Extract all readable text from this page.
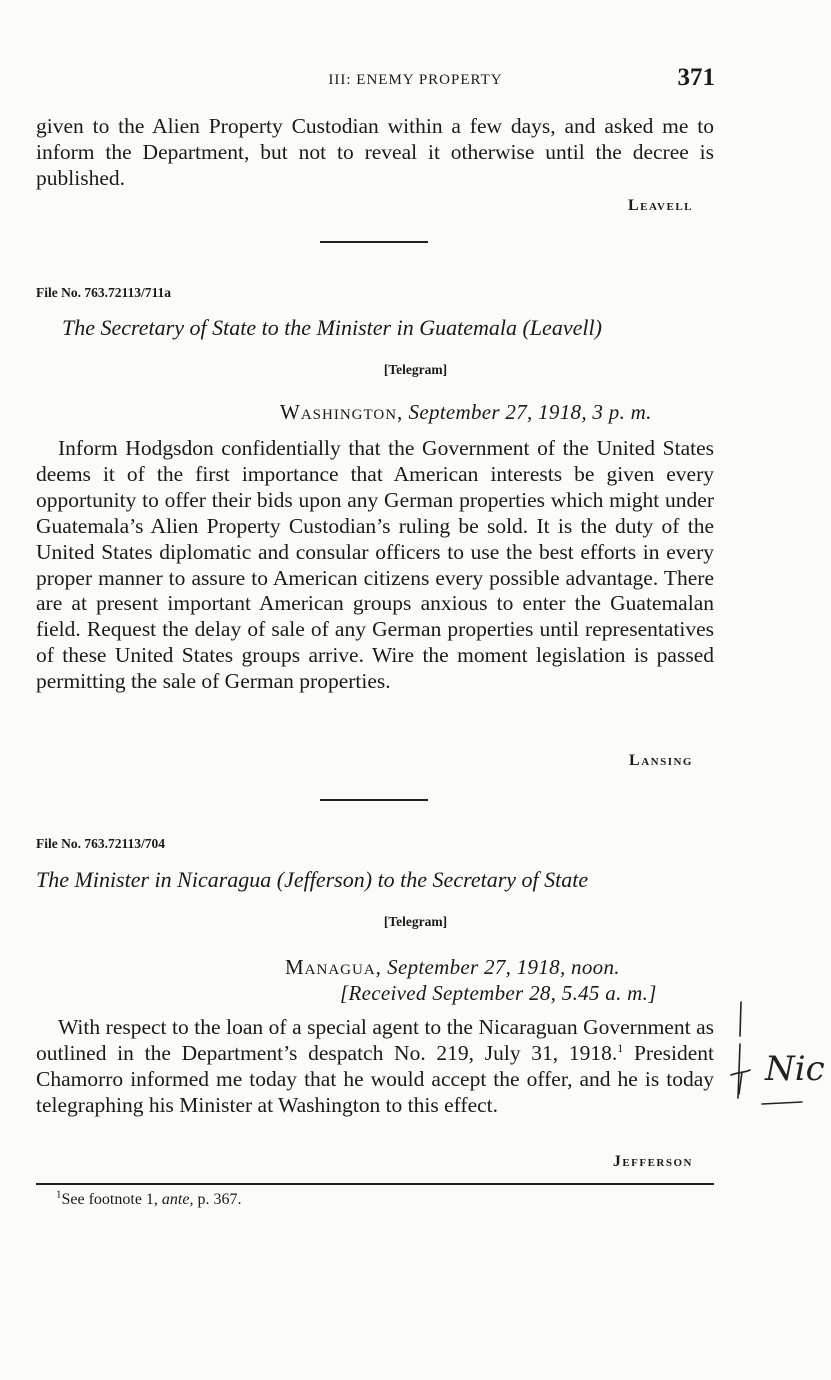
III: ENEMY PROPERTY	371
given to the Alien Property Custodian within a few days, and asked me to inform the Department, but not to reveal it otherwise until the decree is published.
Leavell
File No. 763.72113/711a
The Secretary of State to the Minister in Guatemala (Leavell)
[Telegram]
Washington, September 27, 1918, 3 p. m.
Inform Hodgsdon confidentially that the Government of the United States deems it of the first importance that American interests be given every opportunity to offer their bids upon any German properties which might under Guatemala’s Alien Property Custodian’s ruling be sold. It is the duty of the United States diplomatic and consular officers to use the best efforts in every proper manner to assure to American citizens every possible advantage. There are at present important American groups anxious to enter the Guatemalan field. Request the delay of sale of any German properties until representatives of these United States groups arrive. Wire the moment legislation is passed permitting the sale of German properties.
Lansing
File No. 763.72113/704
The Minister in Nicaragua (Jefferson) to the Secretary of State
[Telegram]
Managua, September 27, 1918, noon.
[Received September 28, 5.45 a. m.]
With respect to the loan of a special agent to the Nicaraguan Government as outlined in the Department’s despatch No. 219, July 31, 1918.$^1$ President Chamorro informed me today that he would accept the offer, and he is today telegraphing his Minister at Washington to this effect.
Jefferson
$^1$See footnote 1, ante, p. 367.
Nic
